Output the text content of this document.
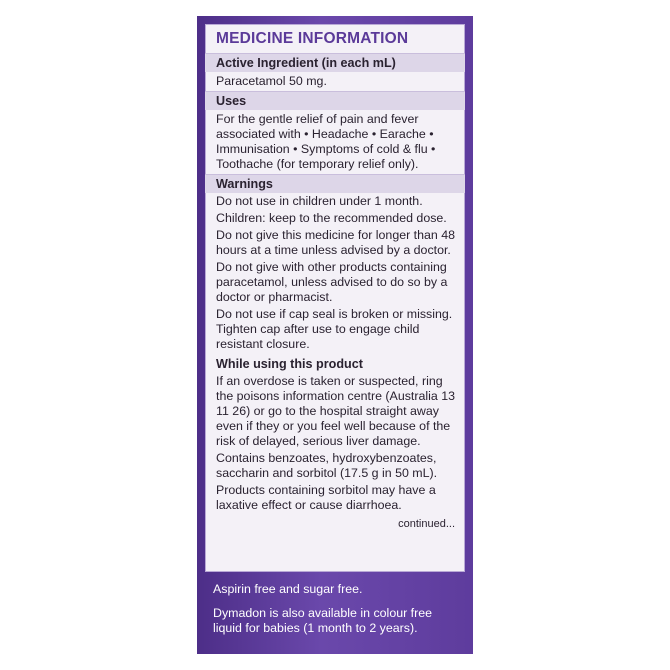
MEDICINE INFORMATION
Active Ingredient (in each mL)
Paracetamol 50 mg.
Uses
For the gentle relief of pain and fever associated with • Headache • Earache • Immunisation • Symptoms of cold & flu • Toothache (for temporary relief only).
Warnings
Do not use in children under 1 month.
Children: keep to the recommended dose.
Do not give this medicine for longer than 48 hours at a time unless advised by a doctor.
Do not give with other products containing paracetamol, unless advised to do so by a doctor or pharmacist.
Do not use if cap seal is broken or missing. Tighten cap after use to engage child resistant closure.
While using this product
If an overdose is taken or suspected, ring the poisons information centre (Australia 13 11 26) or go to the hospital straight away even if they or you feel well because of the risk of delayed, serious liver damage.
Contains benzoates, hydroxybenzoates, saccharin and sorbitol (17.5 g in 50 mL).
Products containing sorbitol may have a laxative effect or cause diarrhoea.
continued...
Aspirin free and sugar free.
Dymadon is also available in colour free liquid for babies (1 month to 2 years).
